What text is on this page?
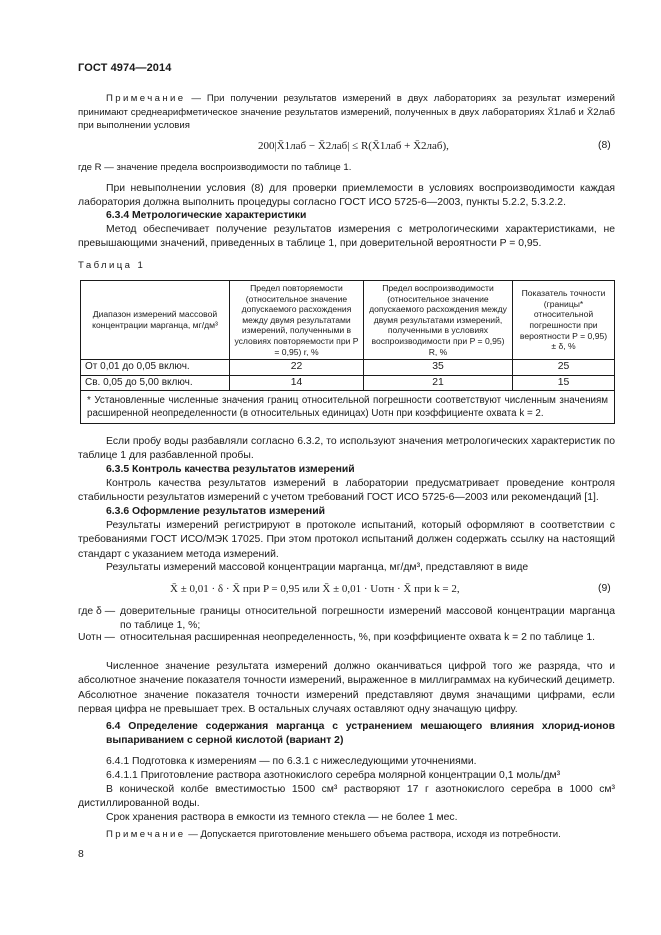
ГОСТ 4974—2014
Примечание — При получении результатов измерений в двух лабораториях за результат измерений принимают среднеарифметическое значение результатов измерений, полученных в двух лабораториях X̄1лаб и X̄2лаб при выполнении условия
200|X̄1лаб − X̄2лаб| ≤ R(X̄1лаб + X̄2лаб),	(8)
где R — значение предела воспроизводимости по таблице 1.
При невыполнении условия (8) для проверки приемлемости в условиях воспроизводимости каждая лаборатория должна выполнить процедуры согласно ГОСТ ИСО 5725-6—2003, пункты 5.2.2, 5.3.2.2.
6.3.4 Метрологические характеристики
Метод обеспечивает получение результатов измерения с метрологическими характеристиками, не превышающими значений, приведенных в таблице 1, при доверительной вероятности P = 0,95.
Таблица 1
Диапазон измерений массовой концентрации марганца, мг/дм³	Предел повторяемости (относительное значение допускаемого расхождения между двумя результатами измерений, полученными в условиях повторяемости при P = 0,95) r, %	Предел воспроизводимости (относительное значение допускаемого расхождения между двумя результатами измерений, полученными в условиях воспроизводимости при P = 0,95) R, %	Показатель точности (границы* относительной погрешности при вероятности P = 0,95) ± δ, %
От 0,01 до 0,05 включ.	22	35	25
Св. 0,05 до 5,00 включ.	14	21	15
* Установленные численные значения границ относительной погрешности соответствуют численным значениям расширенной неопределенности (в относительных единицах) Uотн при коэффициенте охвата k = 2.			
Если пробу воды разбавляли согласно 6.3.2, то используют значения метрологических характеристик по таблице 1 для разбавленной пробы.
6.3.5 Контроль качества результатов измерений
Контроль качества результатов измерений в лаборатории предусматривает проведение контроля стабильности результатов измерений с учетом требований ГОСТ ИСО 5725-6—2003 или рекомендаций [1].
6.3.6 Оформление результатов измерений
Результаты измерений регистрируют в протоколе испытаний, который оформляют в соответствии с требованиями ГОСТ ИСО/МЭК 17025. При этом протокол испытаний должен содержать ссылку на настоящий стандарт с указанием метода измерений.
Результаты измерений массовой концентрации марганца, мг/дм³, представляют в виде
X̄ ± 0,01 · δ · X̄ при P = 0,95 или X̄ ± 0,01 · Uотн · X̄ при k = 2,	(9)
где δ — доверительные границы относительной погрешности измерений массовой концентрации марганца по таблице 1, %;
Uотн — относительная расширенная неопределенность, %, при коэффициенте охвата k = 2 по таблице 1.
Численное значение результата измерений должно оканчиваться цифрой того же разряда, что и абсолютное значение показателя точности измерений, выраженное в миллиграммах на кубический дециметр. Абсолютное значение показателя точности измерений представляют двумя значащими цифрами, если первая цифра не превышает трех. В остальных случаях оставляют одну значащую цифру.
6.4 Определение содержания марганца с устранением мешающего влияния хлорид-ионов выпариванием с серной кислотой (вариант 2)
6.4.1 Подготовка к измерениям — по 6.3.1 с нижеследующими уточнениями.
6.4.1.1 Приготовление раствора азотнокислого серебра молярной концентрации 0,1 моль/дм³
В конической колбе вместимостью 1500 см³ растворяют 17 г азотнокислого серебра в 1000 см³ дистиллированной воды.
Срок хранения раствора в емкости из темного стекла — не более 1 мес.
Примечание — Допускается приготовление меньшего объема раствора, исходя из потребности.
8
